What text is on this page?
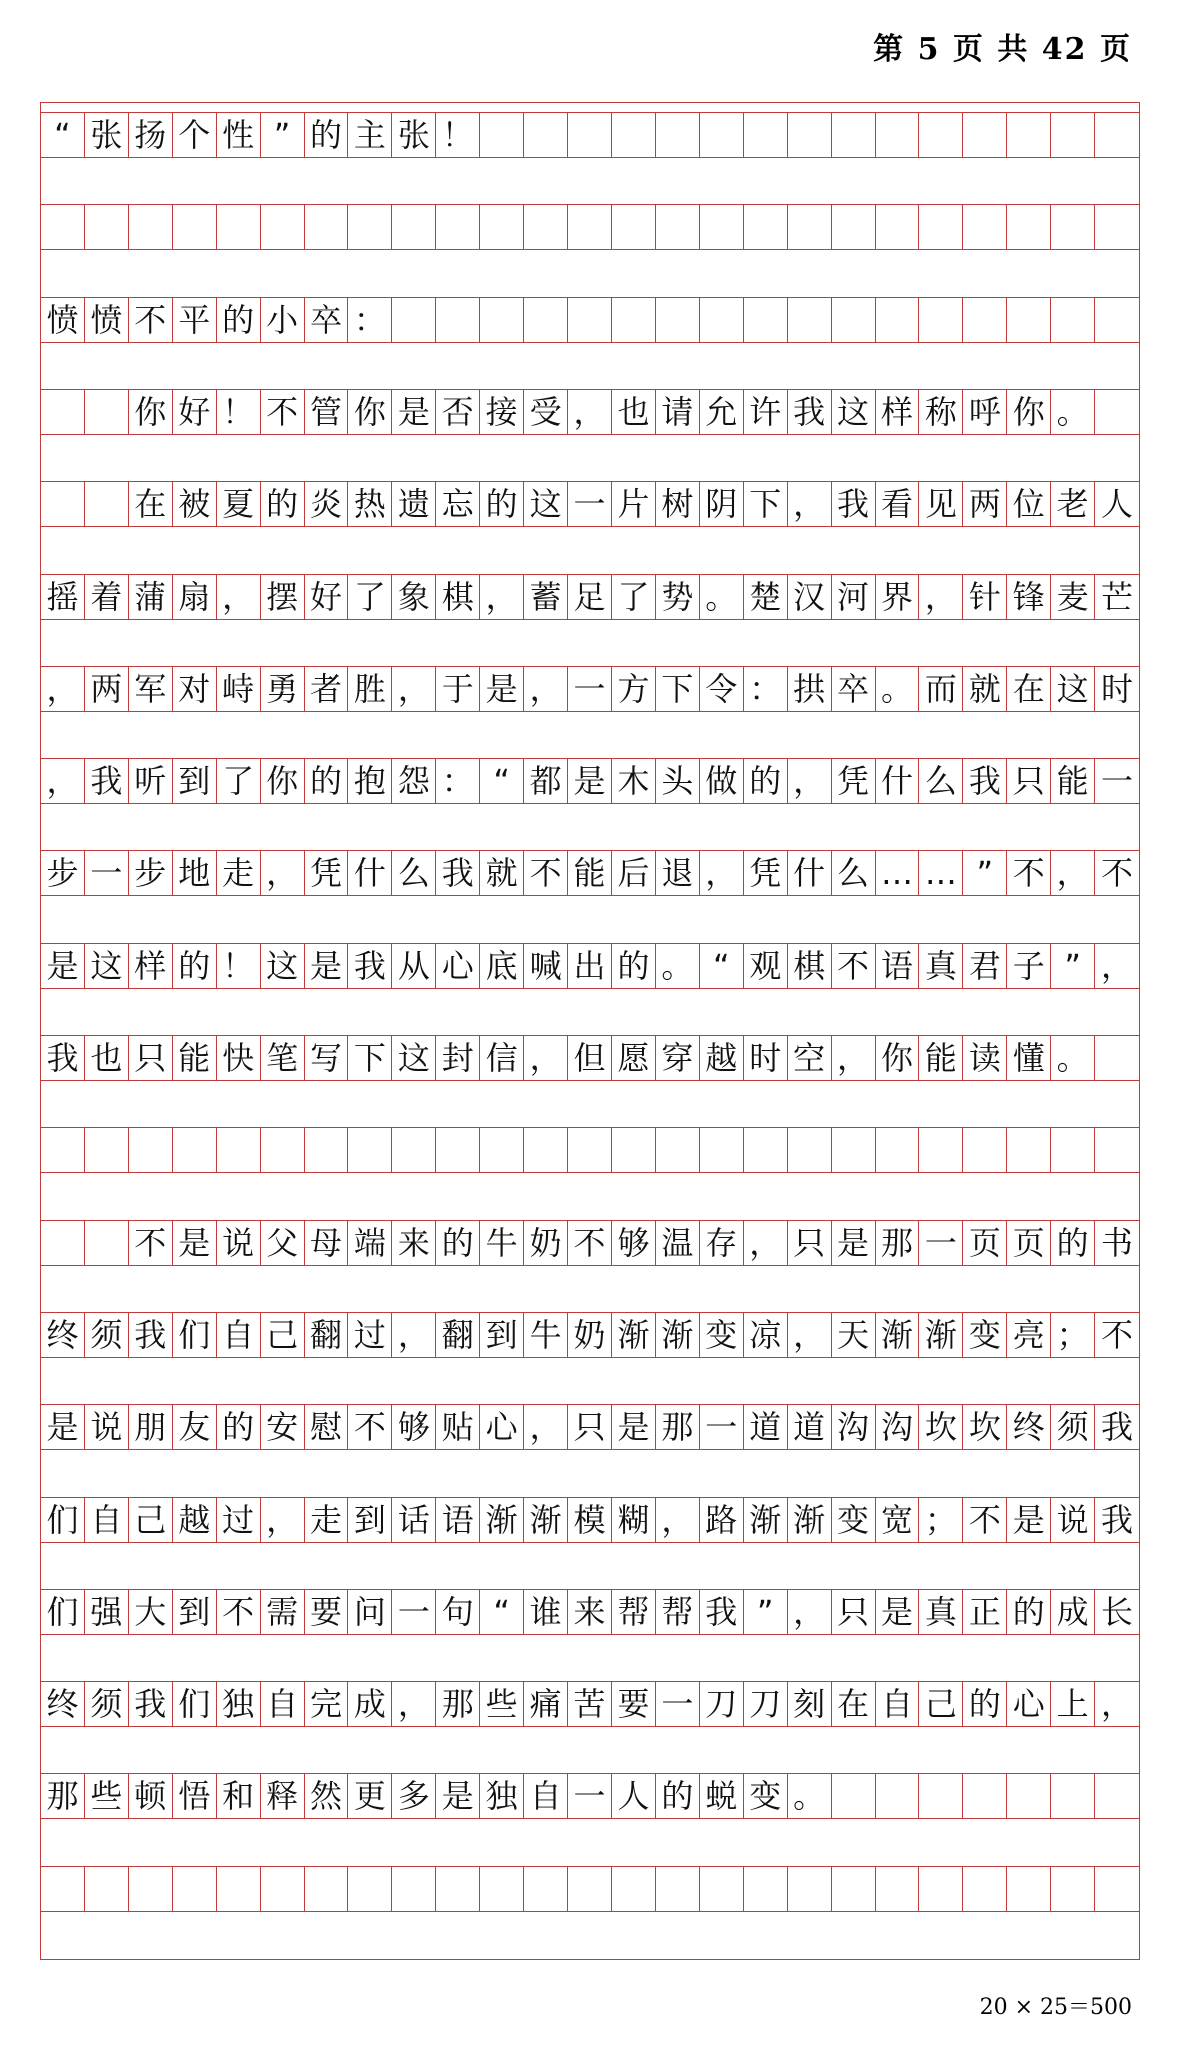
第 5 页 共 42 页
“ 张 扬 个 性 ” 的 主 张 ！
愤 愤 不 平 的 小 卒 ：
你 好 ！ 不 管 你 是 否 接 受 ， 也 请 允 许 我 这 样 称 呼 你 。
在 被 夏 的 炎 热 遗 忘 的 这 一 片 树 阴 下 ， 我 看 见 两 位 老 人
摇 着 蒲 扇 ， 摆 好 了 象 棋 ， 蓄 足 了 势 。 楚 汉 河 界 ， 针 锋 麦 芒
， 两 军 对 峙 勇 者 胜 ， 于 是 ， 一 方 下 令 ： 拱 卒 。 而 就 在 这 时
， 我 听 到 了 你 的 抱 怨 ： “ 都 是 木 头 做 的 ， 凭 什 么 我 只 能 一
步 一 步 地 走 ， 凭 什 么 我 就 不 能 后 退 ， 凭 什 么 … … ” 不 ， 不
是 这 样 的 ！ 这 是 我 从 心 底 喊 出 的 。 “ 观 棋 不 语 真 君 子 ” ，
我 也 只 能 快 笔 写 下 这 封 信 ， 但 愿 穿 越 时 空 ， 你 能 读 懂 。
不 是 说 父 母 端 来 的 牛 奶 不 够 温 存 ， 只 是 那 一 页 页 的 书
终 须 我 们 自 己 翻 过 ， 翻 到 牛 奶 渐 渐 变 凉 ， 天 渐 渐 变 亮 ； 不
是 说 朋 友 的 安 慰 不 够 贴 心 ， 只 是 那 一 道 道 沟 沟 坎 坎 终 须 我
们 自 己 越 过 ， 走 到 话 语 渐 渐 模 糊 ， 路 渐 渐 变 宽 ； 不 是 说 我
们 强 大 到 不 需 要 问 一 句 “ 谁 来 帮 帮 我 ” ， 只 是 真 正 的 成 长
终 须 我 们 独 自 完 成 ， 那 些 痛 苦 要 一 刀 刀 刻 在 自 己 的 心 上 ，
那 些 顿 悟 和 释 然 更 多 是 独 自 一 人 的 蜕 变 。
20 × 25＝500
